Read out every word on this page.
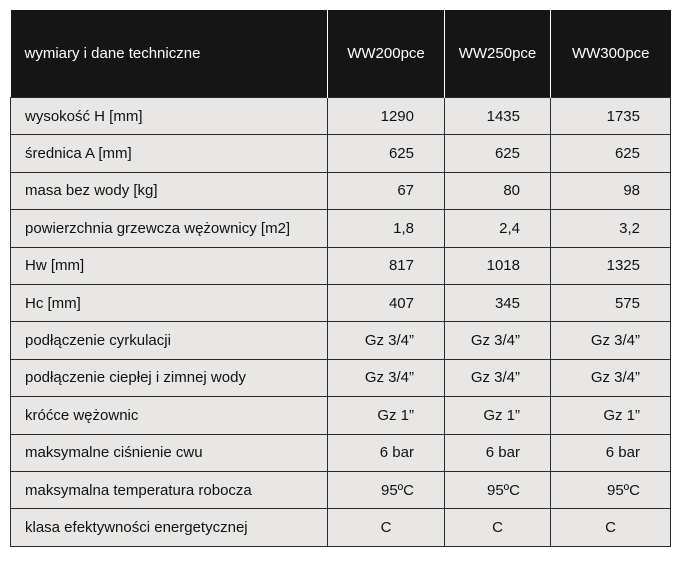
wymiary i dane techniczne	WW200pce	WW250pce	WW300pce
wysokość H [mm]	1290	1435	1735
średnica A [mm]	625	625	625
masa bez wody [kg]	67	80	98
powierzchnia grzewcza wężownicy [m2]	1,8	2,4	3,2
Hw [mm]	817	1018	1325
Hc [mm]	407	345	575
podłączenie cyrkulacji	Gz 3/4”	Gz 3/4”	Gz 3/4”
podłączenie ciepłej i zimnej wody	Gz 3/4”	Gz 3/4”	Gz 3/4”
króćce wężownic	Gz 1”	Gz 1”	Gz 1”
maksymalne ciśnienie cwu	6 bar	6 bar	6 bar
maksymalna temperatura robocza	95ºC	95ºC	95ºC
klasa efektywności energetycznej	C	C	C
